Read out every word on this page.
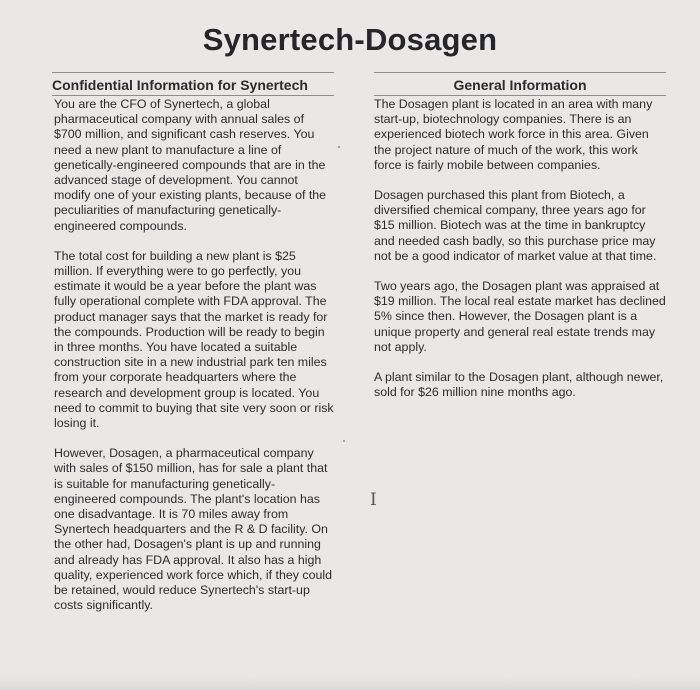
Synertech-Dosagen
Confidential Information for Synertech

You are the CFO of Synertech, a global pharmaceutical company with annual sales of $700 million, and significant cash reserves. You need a new plant to manufacture a line of genetically-engineered compounds that are in the advanced stage of development. You cannot modify one of your existing plants, because of the peculiarities of manufacturing genetically-engineered compounds.

The total cost for building a new plant is $25 million. If everything were to go perfectly, you estimate it would be a year before the plant was fully operational complete with FDA approval. The product manager says that the market is ready for the compounds. Production will be ready to begin in three months. You have located a suitable construction site in a new industrial park ten miles from your corporate headquarters where the research and development group is located. You need to commit to buying that site very soon or risk losing it.

However, Dosagen, a pharmaceutical company with sales of $150 million, has for sale a plant that is suitable for manufacturing genetically-engineered compounds. The plant's location has one disadvantage. It is 70 miles away from Synertech headquarters and the R & D facility. On the other had, Dosagen's plant is up and running and already has FDA approval. It also has a high quality, experienced work force which, if they could be retained, would reduce Synertech's start-up costs significantly.

General Information

The Dosagen plant is located in an area with many start-up, biotechnology companies. There is an experienced biotech work force in this area. Given the project nature of much of the work, this work force is fairly mobile between companies.

Dosagen purchased this plant from Biotech, a diversified chemical company, three years ago for $15 million. Biotech was at the time in bankruptcy and needed cash badly, so this purchase price may not be a good indicator of market value at that time.

Two years ago, the Dosagen plant was appraised at $19 million. The local real estate market has declined 5% since then. However, the Dosagen plant is a unique property and general real estate trends may not apply.

A plant similar to the Dosagen plant, although newer, sold for $26 million nine months ago.

I
